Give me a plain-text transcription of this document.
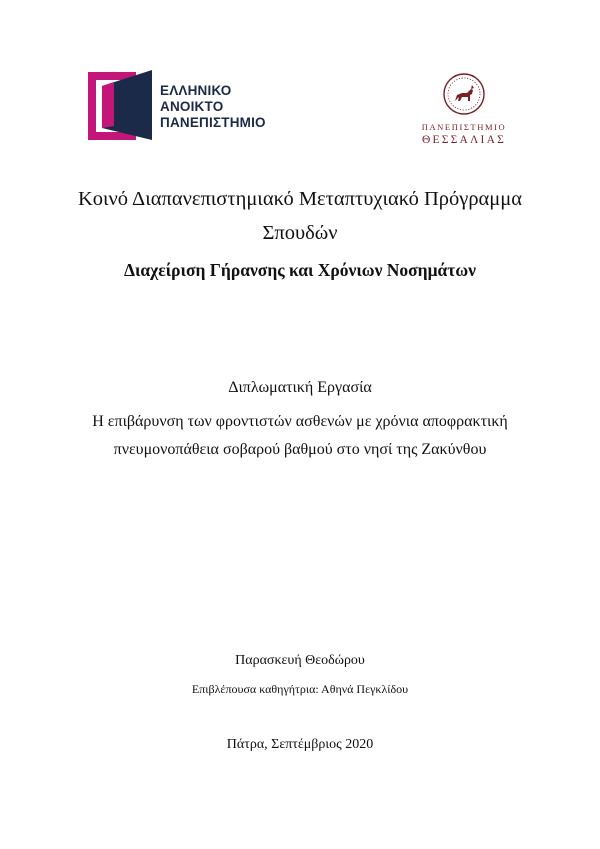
ΕΛΛΗΝΙΚΟ
ΑΝΟΙΚΤΟ
ΠΑΝΕΠΙΣΤΗΜΙΟ	ΠΑΝΕΠΙΣΤΗΜΙΟ
ΘΕΣΣΑΛΙΑΣ
Κοινό Διαπανεπιστημιακό Μεταπτυχιακό Πρόγραμμα
Σπουδών
Διαχείριση Γήρανσης και Χρόνιων Νοσημάτων
Διπλωματική Εργασία
Η επιβάρυνση των φροντιστών ασθενών με χρόνια αποφρακτική
πνευμονοπάθεια σοβαρού βαθμού στο νησί της Ζακύνθου
Παρασκευή Θεοδώρου
Επιβλέπουσα καθηγήτρια: Αθηνά Πεγκλίδου
Πάτρα, Σεπτέμβριος 2020
